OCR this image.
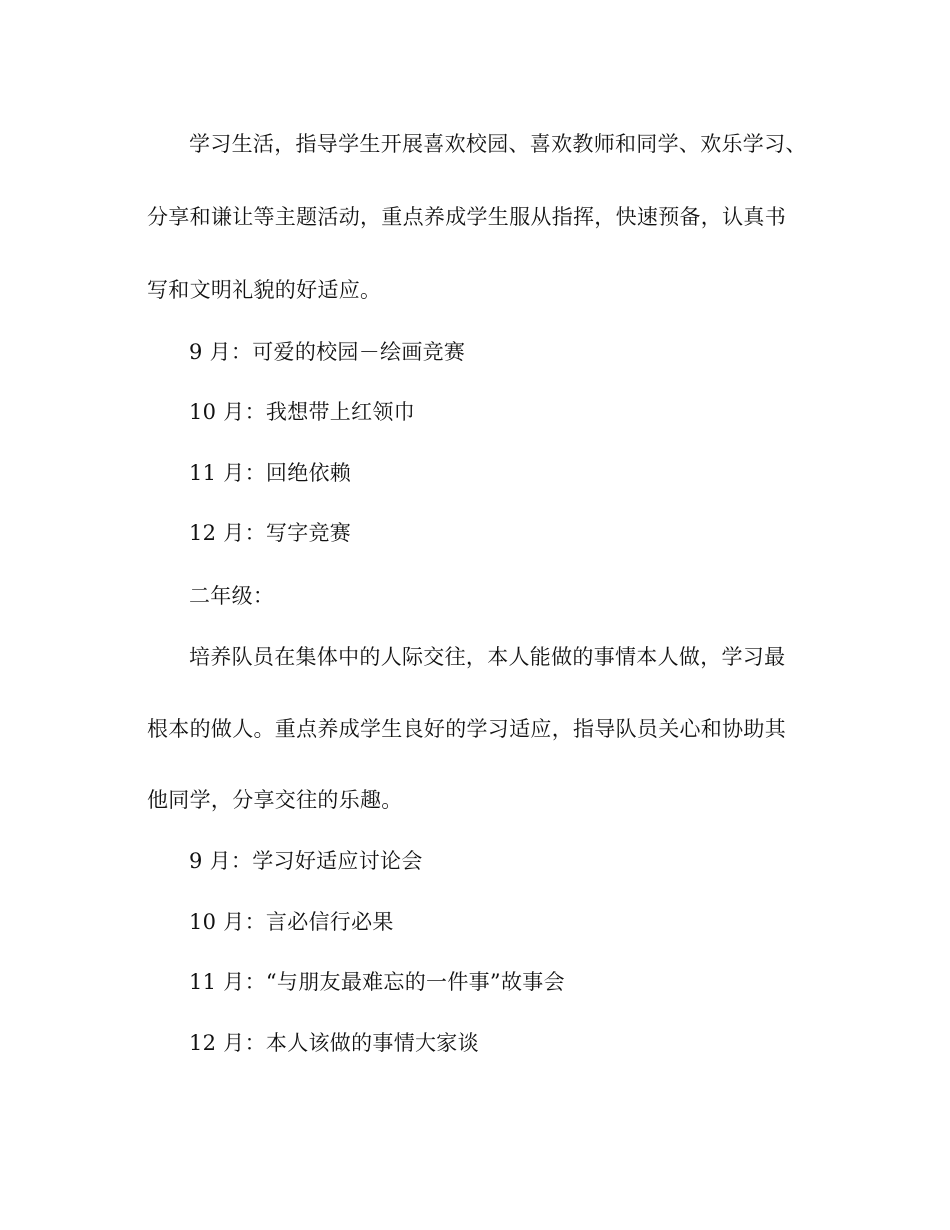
学习生活，指导学生开展喜欢校园、喜欢教师和同学、欢乐学习、
分享和谦让等主题活动，重点养成学生服从指挥，快速预备，认真书
写和文明礼貌的好适应。
9 月：可爱的校园－绘画竞赛
10 月：我想带上红领巾
11 月：回绝依赖
12 月：写字竞赛
二年级：
培养队员在集体中的人际交往，本人能做的事情本人做，学习最
根本的做人。重点养成学生良好的学习适应，指导队员关心和协助其
他同学，分享交往的乐趣。
9 月：学习好适应讨论会
10 月：言必信行必果
11 月：“与朋友最难忘的一件事”故事会
12 月：本人该做的事情大家谈
